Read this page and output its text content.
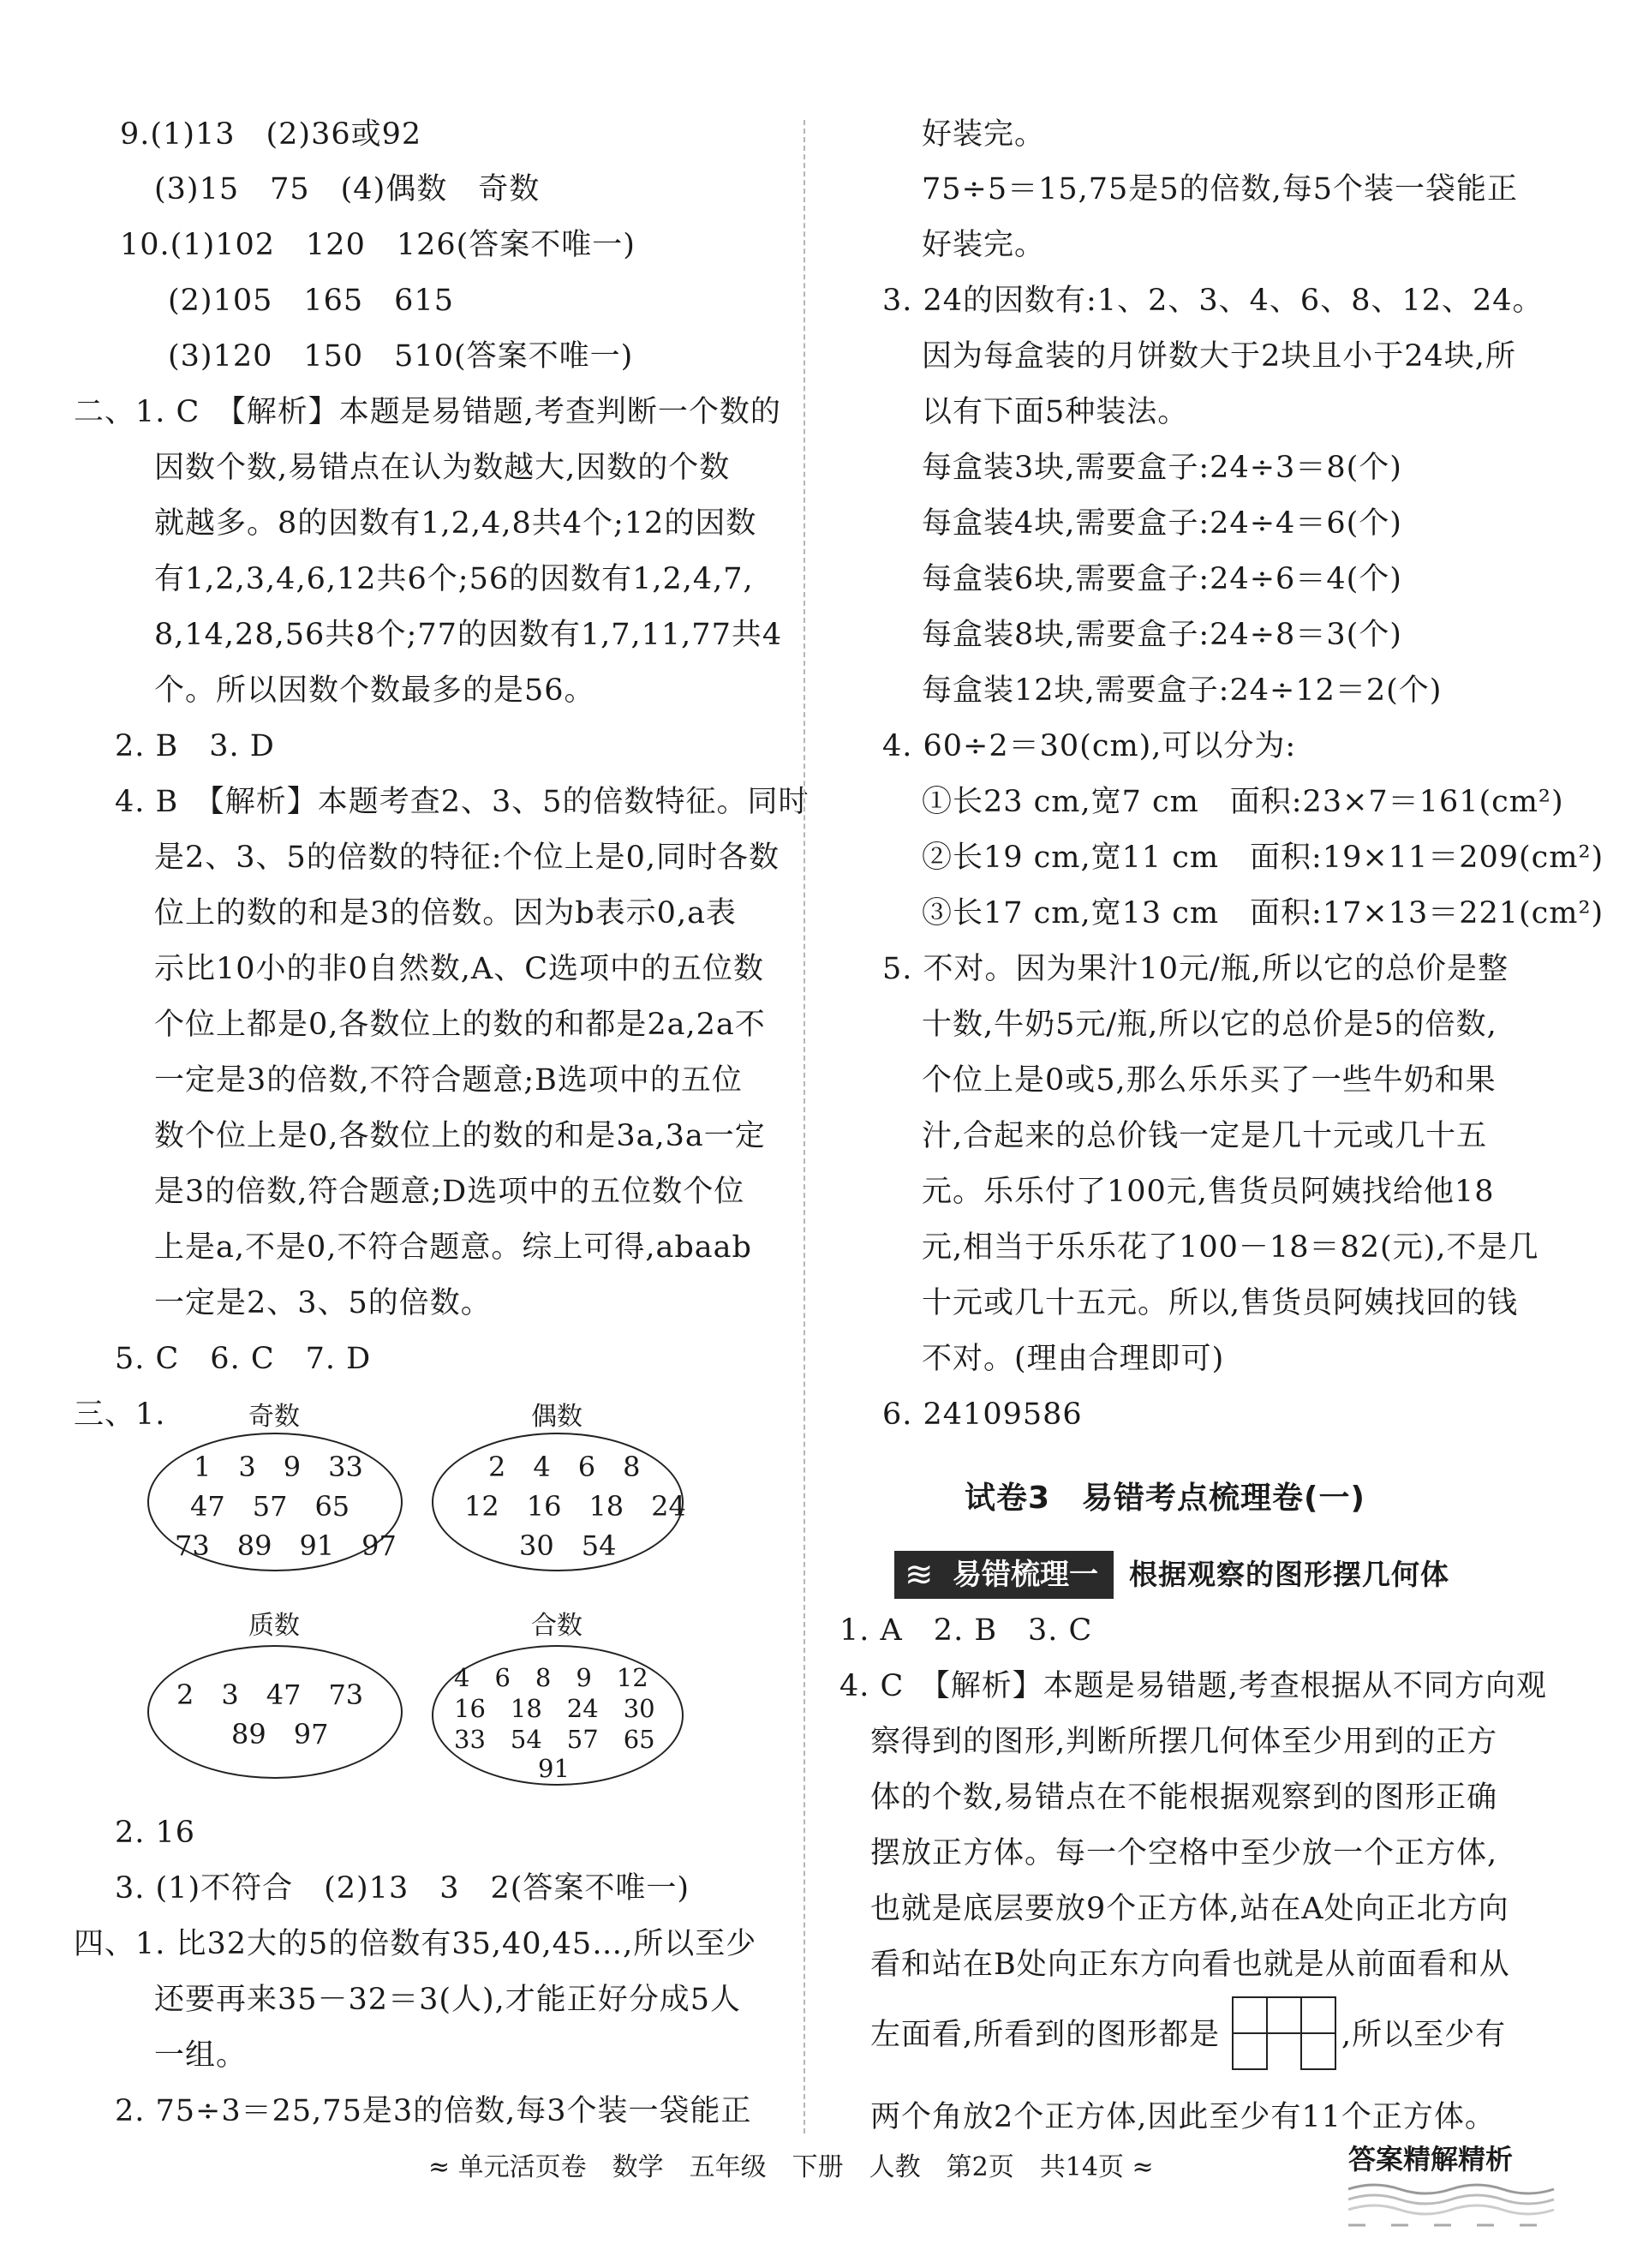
9.(1)13　(2)36或92
(3)15　75　(4)偶数　奇数
10.(1)102　120　126(答案不唯一)
(2)105　165　615
(3)120　150　510(答案不唯一)
二、1. C　【解析】本题是易错题,考查判断一个数的
因数个数,易错点在认为数越大,因数的个数
就越多。8的因数有1,2,4,8共4个;12的因数
有1,2,3,4,6,12共6个;56的因数有1,2,4,7,
8,14,28,56共8个;77的因数有1,7,11,77共4
个。所以因数个数最多的是56。
2. B　3. D
4. B　【解析】本题考查2、3、5的倍数特征。同时
是2、3、5的倍数的特征:个位上是0,同时各数
位上的数的和是3的倍数。因为b表示0,a表
示比10小的非0自然数,A、C选项中的五位数
个位上都是0,各数位上的数的和都是2a,2a不
一定是3的倍数,不符合题意;B选项中的五位
数个位上是0,各数位上的数的和是3a,3a一定
是3的倍数,符合题意;D选项中的五位数个位
上是a,不是0,不符合题意。综上可得,abaab
一定是2、3、5的倍数。
5. C　6. C　7. D
三、1.	奇数
1　3　9　33
47　57　65
73　89　91　97
偶数
2　4　6　8
12　16　18　24
30　54
质数
2　3　47　73
89　97
合数
4　6　8　9　12
16　18　24　30
33　54　57　65
91
2. 16
3. (1)不符合　(2)13　3　2(答案不唯一)
四、1. 比32大的5的倍数有35,40,45…,所以至少
还要再来35－32＝3(人),才能正好分成5人
一组。
2. 75÷3＝25,75是3的倍数,每3个装一袋能正
好装完。
75÷5＝15,75是5的倍数,每5个装一袋能正
好装完。
3. 24的因数有:1、2、3、4、6、8、12、24。
因为每盒装的月饼数大于2块且小于24块,所
以有下面5种装法。
每盒装3块,需要盒子:24÷3＝8(个)
每盒装4块,需要盒子:24÷4＝6(个)
每盒装6块,需要盒子:24÷6＝4(个)
每盒装8块,需要盒子:24÷8＝3(个)
每盒装12块,需要盒子:24÷12＝2(个)
4. 60÷2＝30(cm),可以分为:
①长23 cm,宽7 cm　面积:23×7＝161(cm²)
②长19 cm,宽11 cm　面积:19×11＝209(cm²)
③长17 cm,宽13 cm　面积:17×13＝221(cm²)
5. 不对。因为果汁10元/瓶,所以它的总价是整
十数,牛奶5元/瓶,所以它的总价是5的倍数,
个位上是0或5,那么乐乐买了一些牛奶和果
汁,合起来的总价钱一定是几十元或几十五
元。乐乐付了100元,售货员阿姨找给他18
元,相当于乐乐花了100－18＝82(元),不是几
十元或几十五元。所以,售货员阿姨找回的钱
不对。(理由合理即可)
6. 24109586
试卷3　易错考点梳理卷(一)
≋ 易错梳理一 根据观察的图形摆几何体
1. A　2. B　3. C
4. C　【解析】本题是易错题,考查根据从不同方向观
察得到的图形,判断所摆几何体至少用到的正方
体的个数,易错点在不能根据观察到的图形正确
摆放正方体。每一个空格中至少放一个正方体,
也就是底层要放9个正方体,站在A处向正北方向
看和站在B处向正东方向看也就是从前面看和从
左面看,所看到的图形都是	,所以至少有
两个角放2个正方体,因此至少有11个正方体。
≈ 单元活页卷　数学　五年级　下册　人教　第2页　共14页 ≈	答案精解精析
